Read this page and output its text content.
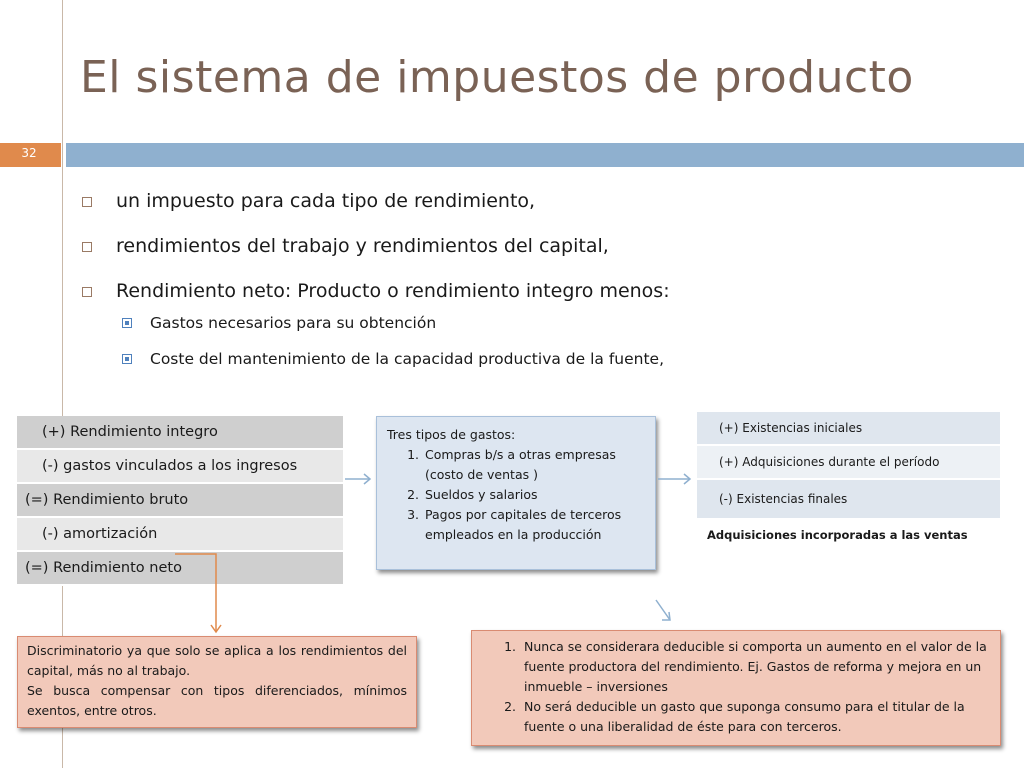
El sistema de impuestos de producto
32
un impuesto para cada tipo de rendimiento,
rendimientos del trabajo y rendimientos del capital,
Rendimiento neto: Producto o rendimiento integro menos:
Gastos necesarios para su obtención
Coste del mantenimiento de la capacidad productiva de la fuente,
(+) Rendimiento integro
(-) gastos vinculados a los ingresos
(=) Rendimiento bruto
(-) amortización
(=) Rendimiento neto
Tres tipos de gastos:
1. Compras b/s a otras empresas (costo de ventas )
2. Sueldos y salarios
3. Pagos por capitales de terceros empleados en la producción
(+) Existencias iniciales
(+) Adquisiciones durante el período
(-) Existencias finales
Adquisiciones incorporadas a las ventas
Discriminatorio ya que solo se aplica a los rendimientos del capital, más no al trabajo.
Se busca compensar con tipos diferenciados, mínimos exentos, entre otros.
1. Nunca se considerara deducible si comporta un aumento en el valor de la fuente productora del rendimiento. Ej. Gastos de reforma y mejora en un inmueble – inversiones
2. No será deducible un gasto que suponga consumo para el titular de la fuente o una liberalidad de éste para con terceros.
